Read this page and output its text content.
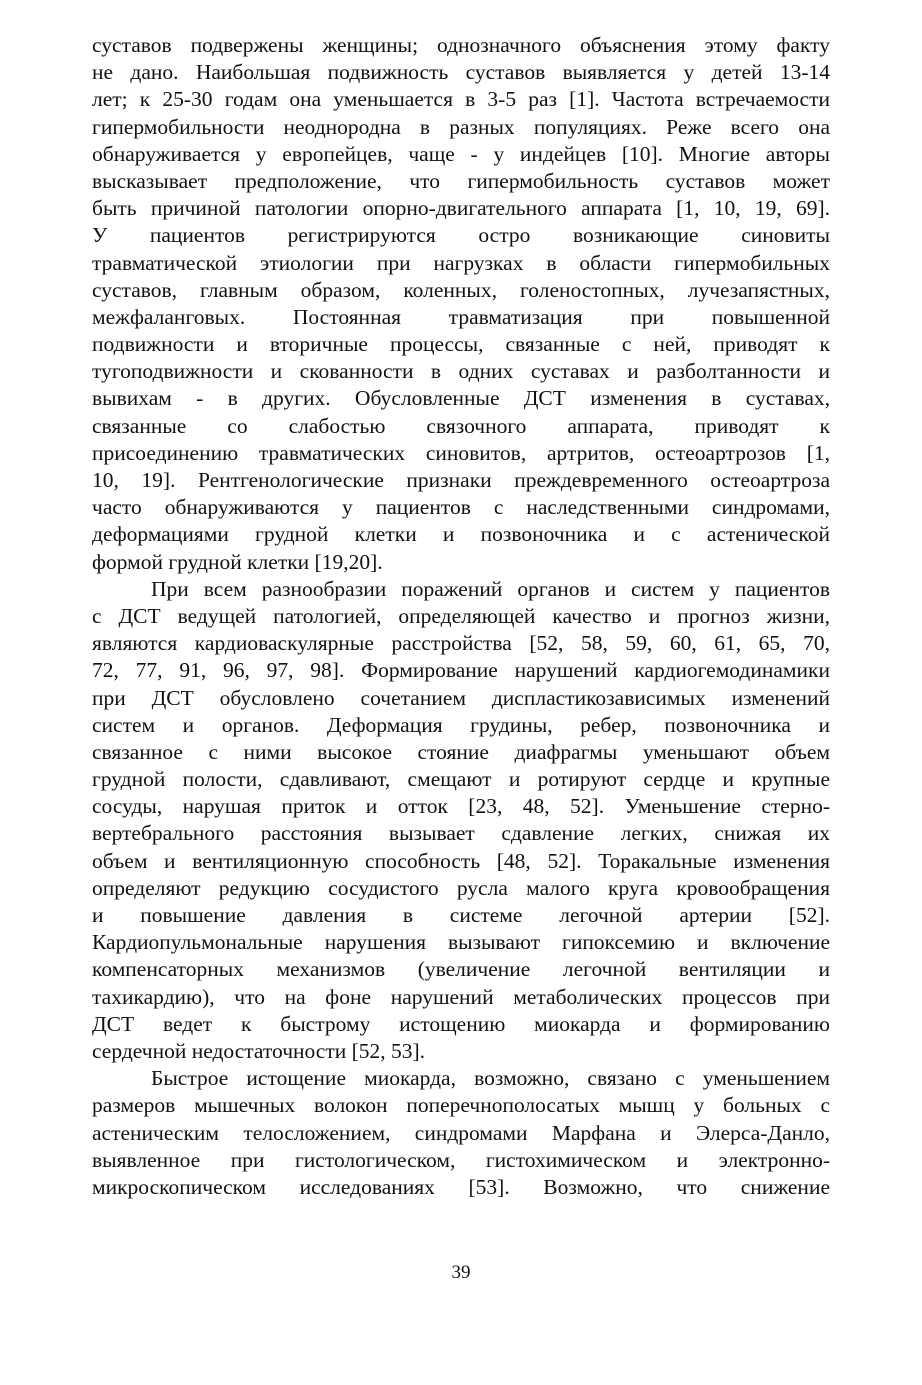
суставов подвержены женщины; однозначного объяснения этому факту
не дано. Наибольшая подвижность суставов выявляется у детей 13-14
лет; к 25-30 годам она уменьшается в 3-5 раз [1]. Частота встречаемости
гипермобильности неоднородна в разных популяциях. Реже всего она
обнаруживается у европейцев, чаще - у индейцев [10]. Многие авторы
высказывает предположение, что гипермобильность суставов может
быть причиной патологии опорно-двигательного аппарата [1, 10, 19, 69].
У пациентов регистрируются остро возникающие синовиты
травматической этиологии при нагрузках в области гипермобильных
суставов, главным образом, коленных, голеностопных, лучезапястных,
межфаланговых. Постоянная травматизация при повышенной
подвижности и вторичные процессы, связанные с ней, приводят к
тугоподвижности и скованности в одних суставах и разболтанности и
вывихам - в других. Обусловленные ДСТ изменения в суставах,
связанные со слабостью связочного аппарата, приводят к
присоединению травматических синовитов, артритов, остеоартрозов [1,
10, 19]. Рентгенологические признаки преждевременного остеоартроза
часто обнаруживаются у пациентов с наследственными синдромами,
деформациями грудной клетки и позвоночника и с астенической
формой грудной клетки [19,20].
При всем разнообразии поражений органов и систем у пациентов
с ДСТ ведущей патологией, определяющей качество и прогноз жизни,
являются кардиоваскулярные расстройства [52, 58, 59, 60, 61, 65, 70,
72, 77, 91, 96, 97, 98]. Формирование нарушений кардиогемодинамики
при ДСТ обусловлено сочетанием диспластикозависимых изменений
систем и органов. Деформация грудины, ребер, позвоночника и
связанное с ними высокое стояние диафрагмы уменьшают объем
грудной полости, сдавливают, смещают и ротируют сердце и крупные
сосуды, нарушая приток и отток [23, 48, 52]. Уменьшение стерно-
вертебрального расстояния вызывает сдавление легких, снижая их
объем и вентиляционную способность [48, 52]. Торакальные изменения
определяют редукцию сосудистого русла малого круга кровообращения
и повышение давления в системе легочной артерии [52].
Кардиопульмональные нарушения вызывают гипоксемию и включение
компенсаторных механизмов (увеличение легочной вентиляции и
тахикардию), что на фоне нарушений метаболических процессов при
ДСТ ведет к быстрому истощению миокарда и формированию
сердечной недостаточности [52, 53].
Быстрое истощение миокарда, возможно, связано с уменьшением
размеров мышечных волокон поперечнополосатых мышц у больных с
астеническим телосложением, синдромами Марфана и Элерса-Данло,
выявленное при гистологическом, гистохимическом и электронно-
микроскопическом исследованиях [53]. Возможно, что снижение
39
